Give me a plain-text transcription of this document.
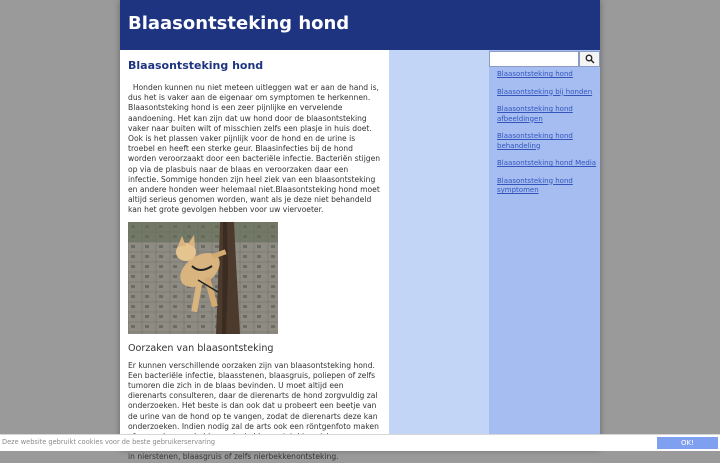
Blaasontsteking hond
Blaasontsteking hond

Honden kunnen nu niet meteen uitleggen wat er aan de hand is, dus het is vaker aan de eigenaar om symptomen te herkennen. Blaasontsteking hond is een zeer pijnlijke en vervelende aandoening. Het kan zijn dat uw hond door de blaasontsteking vaker naar buiten wilt of misschien zelfs een plasje in huis doet. Ook is het plassen vaker pijnlijk voor de hond en de urine is troebel en heeft een sterke geur. Blaasinfecties bij de hond worden veroorzaakt door een bacteriële infectie. Bacteriën stijgen op via de plasbuis naar de blaas en veroorzaken daar een infectie. Sommige honden zijn heel ziek van een blaasontsteking en andere honden weer helemaal niet.Blaasontsteking hond moet altijd serieus genomen worden, want als je deze niet behandeld kan het grote gevolgen hebben voor uw viervoeter.

Oorzaken van blaasontsteking

Er kunnen verschillende oorzaken zijn van blaasontsteking hond. Een bacteriële infectie, blaasstenen, blaasgruis, poliepen of zelfs tumoren die zich in de blaas bevinden. U moet altijd een dierenarts consulteren, daar de dierenarts de hond zorgvuldig zal onderzoeken. Het beste is dan ook dat u probeert een beetje van de urine van de hond op te vangen, zodat de dierenarts deze kan onderzoeken. Indien nodig zal de arts ook een röntgenfoto maken in nierstenen, blaasgruis of zelfs nierbekkenontsteking.

Blaasontsteking hond
Blaasontsteking bij honden
Blaasontsteking hond afbeeldingen
Blaasontsteking hond behandeling
Blaasontsteking hond Media
Blaasontsteking hond symptomen
Deze website gebruikt cookies voor de beste gebruikerservaring	OK!
